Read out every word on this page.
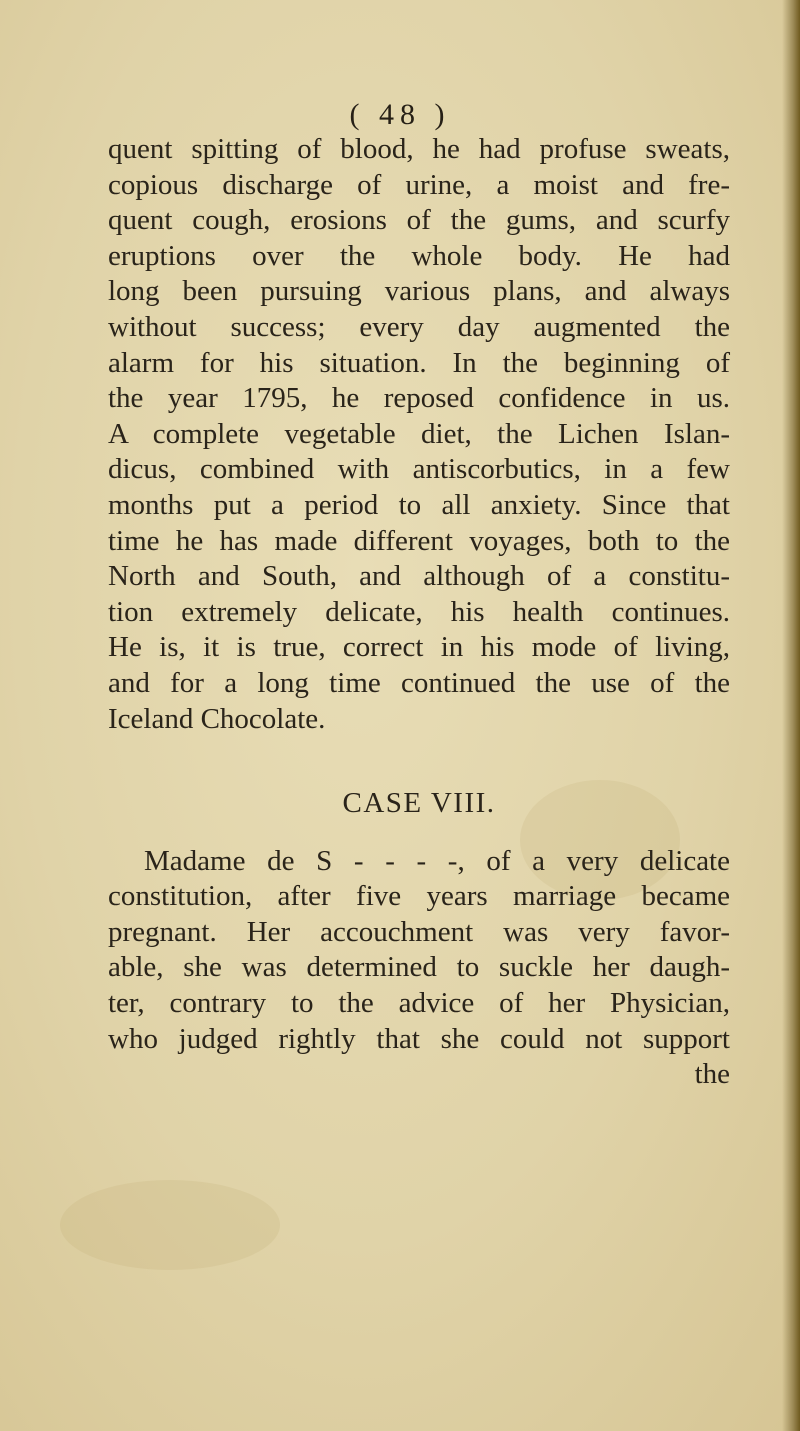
( 48 )
quent spitting of blood, he had profuse sweats,
copious discharge of urine, a moist and fre-
quent cough, erosions of the gums, and scurfy
eruptions over the whole body. He had
long been pursuing various plans, and always
without success; every day augmented the
alarm for his situation. In the beginning of
the year 1795, he reposed confidence in us.
A complete vegetable diet, the Lichen Islan-
dicus, combined with antiscorbutics, in a few
months put a period to all anxiety. Since that
time he has made different voyages, both to the
North and South, and although of a constitu-
tion extremely delicate, his health continues.
He is, it is true, correct in his mode of living,
and for a long time continued the use of the
Iceland Chocolate.
CASE VIII.
Madame de S - - - -, of a very delicate
constitution, after five years marriage became
pregnant. Her accouchment was very favor-
able, she was determined to suckle her daugh-
ter, contrary to the advice of her Physician,
who judged rightly that she could not support
the
